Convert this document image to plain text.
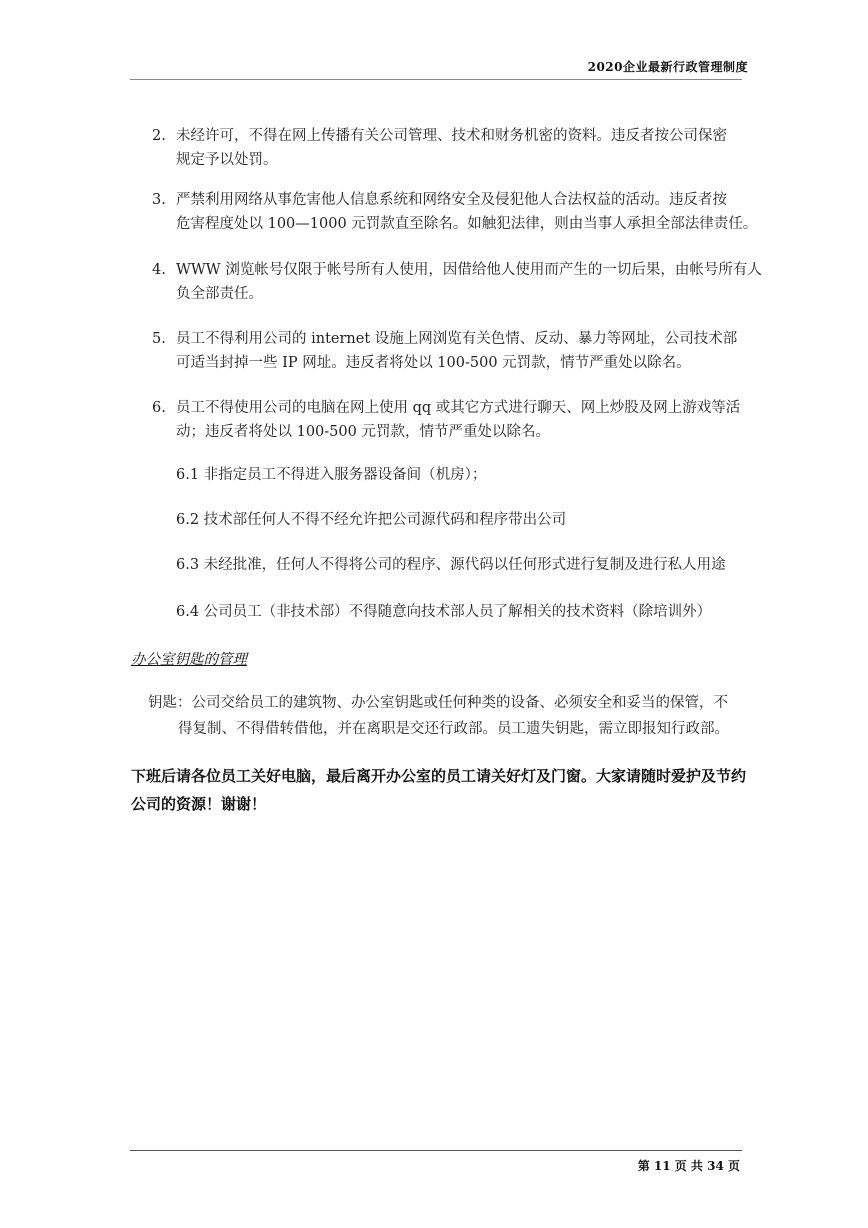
2020企业最新行政管理制度
2. 未经许可，不得在网上传播有关公司管理、技术和财务机密的资料。违反者按公司保密
规定予以处罚。
3. 严禁利用网络从事危害他人信息系统和网络安全及侵犯他人合法权益的活动。违反者按
危害程度处以 100—1000 元罚款直至除名。如触犯法律，则由当事人承担全部法律责任。
4. WWW 浏览帐号仅限于帐号所有人使用，因借给他人使用而产生的一切后果，由帐号所有人
负全部责任。
5. 员工不得利用公司的 internet 设施上网浏览有关色情、反动、暴力等网址，公司技术部
可适当封掉一些 IP 网址。违反者将处以 100-500 元罚款，情节严重处以除名。
6. 员工不得使用公司的电脑在网上使用 qq 或其它方式进行聊天、网上炒股及网上游戏等活
动；违反者将处以 100-500 元罚款，情节严重处以除名。
6.1 非指定员工不得进入服务器设备间（机房）；
6.2 技术部任何人不得不经允许把公司源代码和程序带出公司
6.3 未经批准，任何人不得将公司的程序、源代码以任何形式进行复制及进行私人用途
6.4 公司员工（非技术部）不得随意向技术部人员了解相关的技术资料（除培训外）
办公室钥匙的管理
钥匙：公司交给员工的建筑物、办公室钥匙或任何种类的设备、必须安全和妥当的保管，不
得复制、不得借转借他，并在离职是交还行政部。员工遗失钥匙，需立即报知行政部。
下班后请各位员工关好电脑，最后离开办公室的员工请关好灯及门窗。大家请随时爱护及节约
公司的资源！谢谢！
第 11 页 共 34 页
